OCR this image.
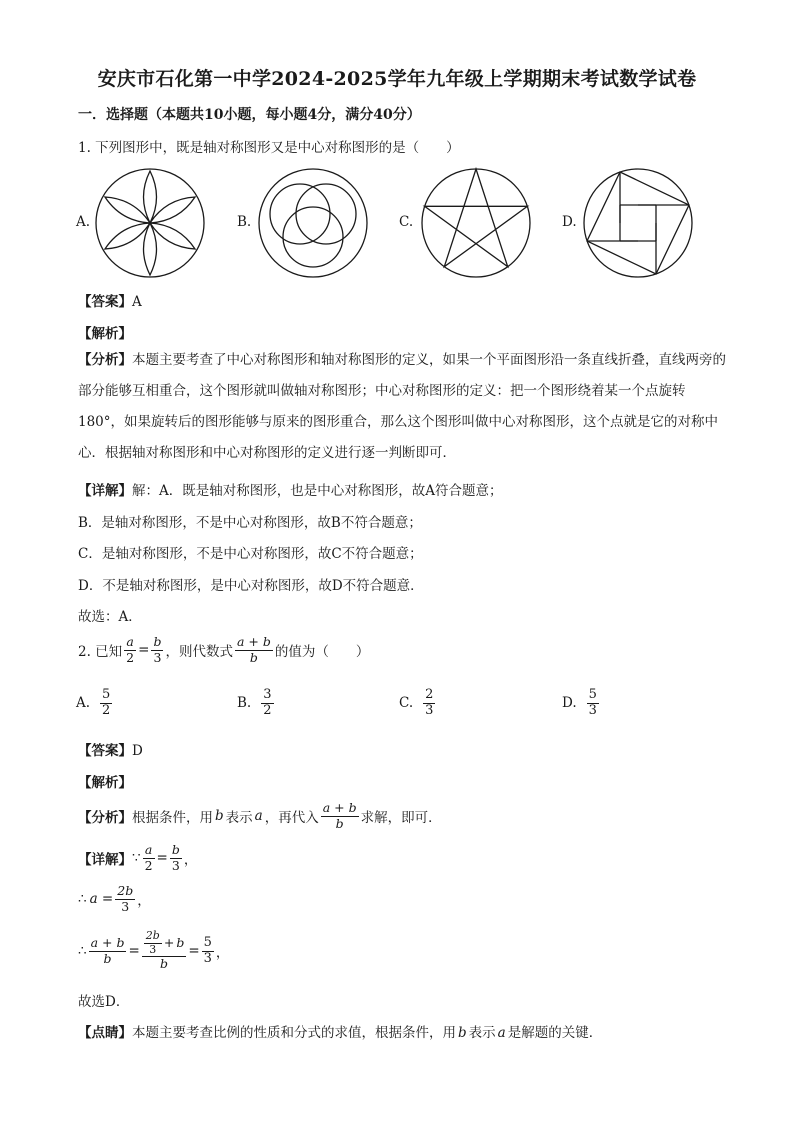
安庆市石化第一中学2024-2025学年九年级上学期期末考试数学试卷
一．选择题（本题共10小题，每小题4分，满分40分）
1. 下列图形中，既是轴对称图形又是中心对称图形的是（　　）
A.	B.	C.	D.
【答案】A
【解析】
【分析】本题主要考查了中心对称图形和轴对称图形的定义，如果一个平面图形沿一条直线折叠，直线两旁的部分能够互相重合，这个图形就叫做轴对称图形；中心对称图形的定义：把一个图形绕着某一个点旋转180°，如果旋转后的图形能够与原来的图形重合，那么这个图形叫做中心对称图形，这个点就是它的对称中心．根据轴对称图形和中心对称图形的定义进行逐一判断即可．
【详解】解：A．既是轴对称图形，也是中心对称图形，故A符合题意；
B．是轴对称图形，不是中心对称图形，故B不符合题意；
C．是轴对称图形，不是中心对称图形，故C不符合题意；
D．不是轴对称图形，是中心对称图形，故D不符合题意．
故选：A．
2. 已知 $\frac{a}{2} = \frac{b}{3}$ ，则代数式 $\frac{a + b}{b}$ 的值为（　　）
A. $\frac{5}{2}$	B. $\frac{3}{2}$	C. $\frac{2}{3}$	D. $\frac{5}{3}$
【答案】D
【解析】
【分析】 根据条件，用 b 表示 a ，再代入 $\frac{a + b}{b}$ 求解，即可．
【详解】 ∵ $\frac{a}{2} = \frac{b}{3}$ ，
∴ $a = \frac{2b}{3}$ ，
∴ $\frac{a + b}{b} = \frac{\frac{2b}{3} + b}{b} = \frac{5}{3}$ ，
故选D．
【点睛】本题主要考查比例的性质和分式的求值，根据条件，用 b 表示 a 是解题的关键．
